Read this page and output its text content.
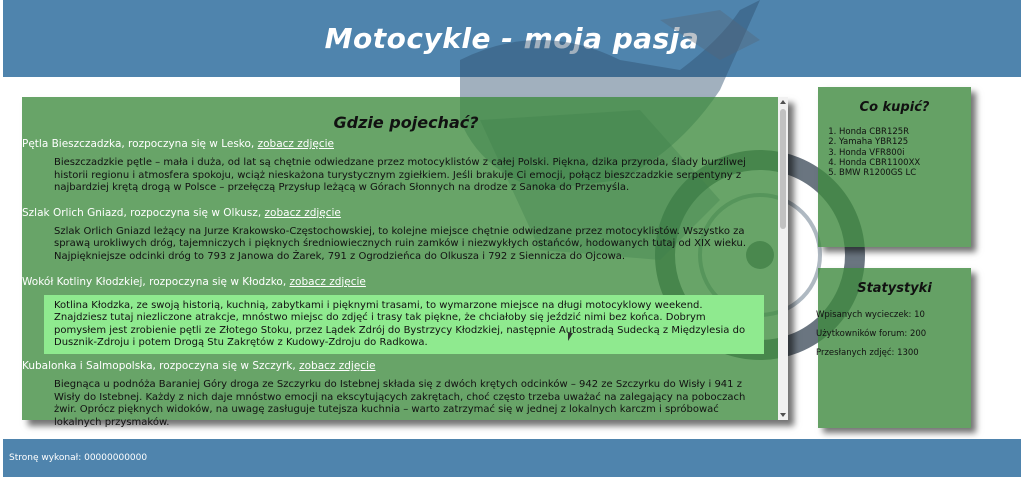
Motocykle - moja pasja
Gdzie pojechać?
Pętla Bieszczadzka, rozpoczyna się w Lesko, zobacz zdjęcie

Bieszczadzkie pętle – mała i duża, od lat są chętnie odwiedzane przez motocyklistów z całej Polski. Piękna, dzika przyroda, ślady burzliwej historii regionu i atmosfera spokoju, wciąż nieskażona turystycznym zgiełkiem. Jeśli brakuje Ci emocji, połącz bieszczadzkie serpentyny z najbardziej krętą drogą w Polsce – przełęczą Przysłup leżącą w Górach Słonnych na drodze z Sanoka do Przemyśla.

Szlak Orlich Gniazd, rozpoczyna się w Olkusz, zobacz zdjęcie

Szlak Orlich Gniazd leżący na Jurze Krakowsko-Częstochowskiej, to kolejne miejsce chętnie odwiedzane przez motocyklistów. Wszystko za sprawą urokliwych dróg, tajemniczych i pięknych średniowiecznych ruin zamków i niezwykłych ostańców, hodowanych tutaj od XIX wieku. Najpiękniejsze odcinki dróg to 793 z Janowa do Żarek, 791 z Ogrodzieńca do Olkusza i 792 z Siennicza do Ojcowa.

Wokół Kotliny Kłodzkiej, rozpoczyna się w Kłodzko, zobacz zdjęcie

Kotlina Kłodzka, ze swoją historią, kuchnią, zabytkami i pięknymi trasami, to wymarzone miejsce na długi motocyklowy weekend. Znajdziesz tutaj niezliczone atrakcje, mnóstwo miejsc do zdjęć i trasy tak piękne, że chciałoby się jeździć nimi bez końca. Dobrym pomysłem jest zrobienie pętli ze Złotego Stoku, przez Lądek Zdrój do Bystrzycy Kłodzkiej, następnie Autostradą Sudecką z Międzylesia do Dusznik-Zdroju i potem Drogą Stu Zakrętów z Kudowy-Zdroju do Radkowa.

Kubalonka i Salmopolska, rozpoczyna się w Szczyrk, zobacz zdjęcie

Biegnąca u podnóża Baraniej Góry droga ze Szczyrku do Istebnej składa się z dwóch krętych odcinków – 942 ze Szczyrku do Wisły i 941 z Wisły do Istebnej. Każdy z nich daje mnóstwo emocji na ekscytujących zakrętach, choć często trzeba uważać na zalegający na poboczach żwir. Oprócz pięknych widoków, na uwagę zasługuje tutejsza kuchnia – warto zatrzymać się w jednej z lokalnych karczm i spróbować lokalnych przysmaków.

Co kupić?
1. Honda CBR125R
2. Yamaha YBR125
3. Honda VFR800i
4. Honda CBR1100XX
5. BMW R1200GS LC
Statystyki

Wpisanych wycieczek: 10

Użytkowników forum: 200

Przesłanych zdjęć: 1300

Stronę wykonał: 00000000000
